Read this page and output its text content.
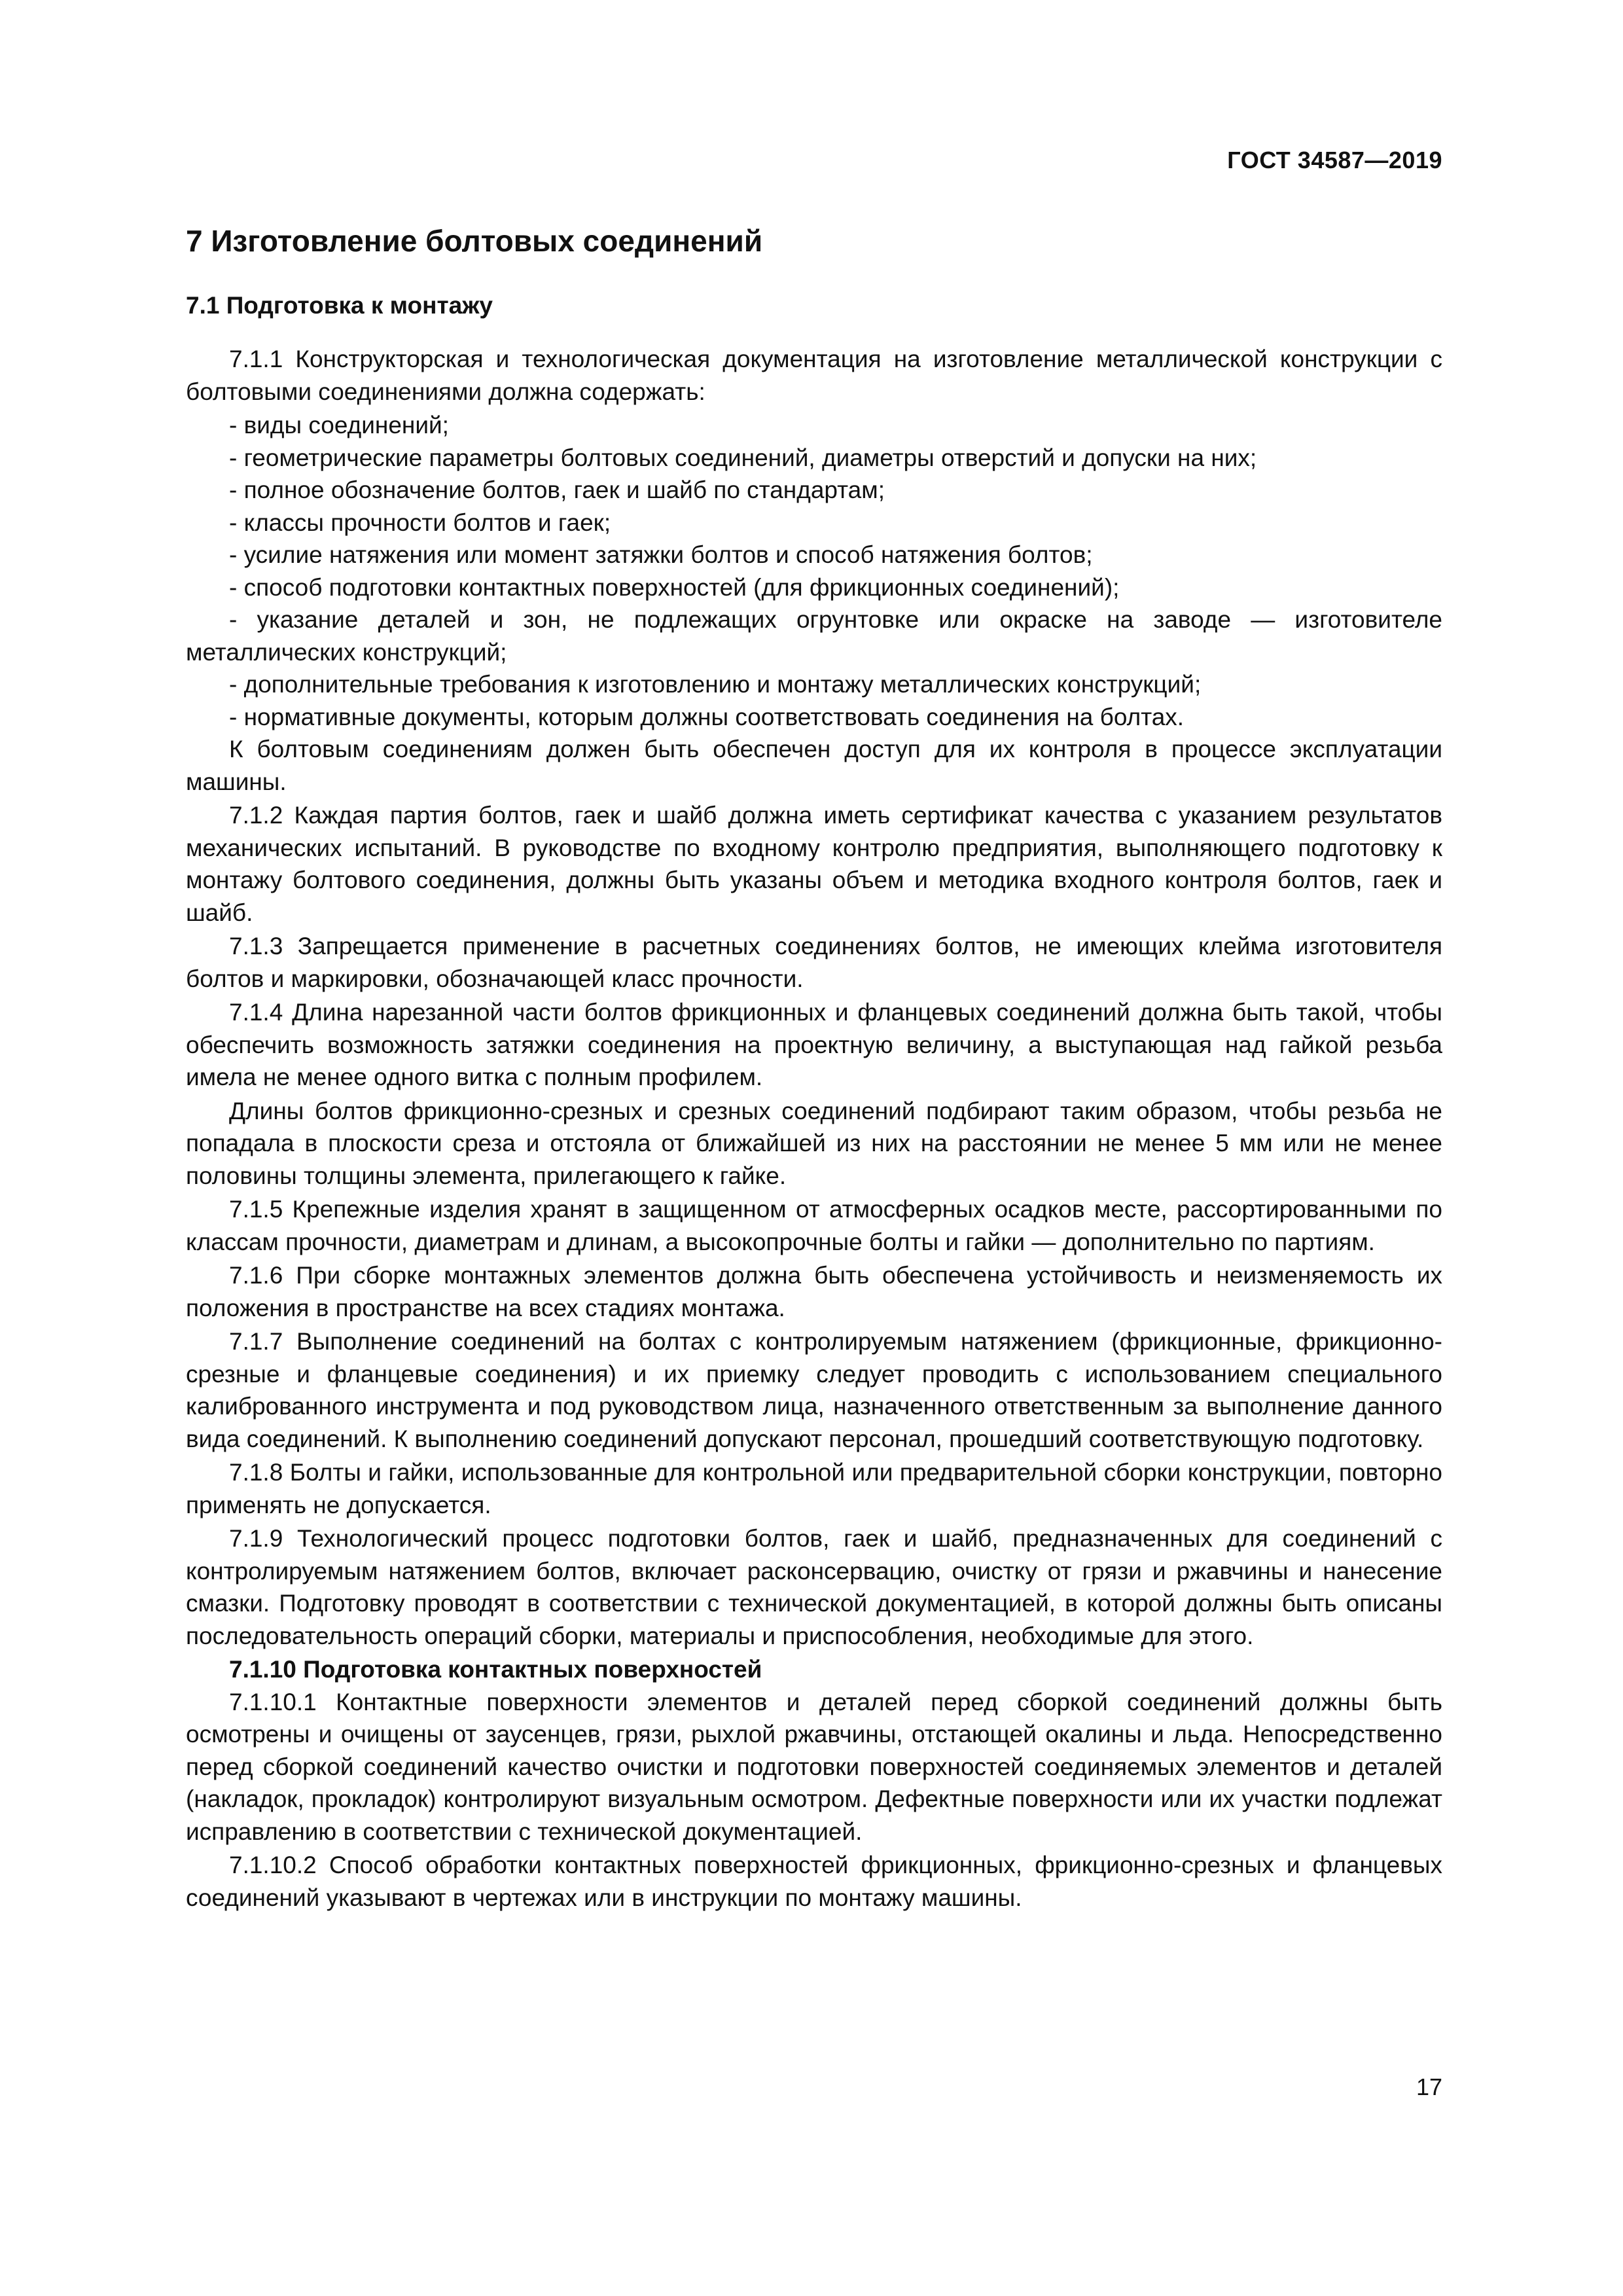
ГОСТ 34587—2019
7 Изготовление болтовых соединений
7.1 Подготовка к монтажу

7.1.1 Конструкторская и технологическая документация на изготовление металлической конструкции с болтовыми соединениями должна содержать:

- виды соединений;

- геометрические параметры болтовых соединений, диаметры отверстий и допуски на них;

- полное обозначение болтов, гаек и шайб по стандартам;

- классы прочности болтов и гаек;

- усилие натяжения или момент затяжки болтов и способ натяжения болтов;

- способ подготовки контактных поверхностей (для фрикционных соединений);

- указание деталей и зон, не подлежащих огрунтовке или окраске на заводе — изготовителе металлических конструкций;

- дополнительные требования к изготовлению и монтажу металлических конструкций;

- нормативные документы, которым должны соответствовать соединения на болтах.

К болтовым соединениям должен быть обеспечен доступ для их контроля в процессе эксплуатации машины.

7.1.2 Каждая партия болтов, гаек и шайб должна иметь сертификат качества с указанием результатов механических испытаний. В руководстве по входному контролю предприятия, выполняющего подготовку к монтажу болтового соединения, должны быть указаны объем и методика входного контроля болтов, гаек и шайб.

7.1.3 Запрещается применение в расчетных соединениях болтов, не имеющих клейма изготовителя болтов и маркировки, обозначающей класс прочности.

7.1.4 Длина нарезанной части болтов фрикционных и фланцевых соединений должна быть такой, чтобы обеспечить возможность затяжки соединения на проектную величину, а выступающая над гайкой резьба имела не менее одного витка с полным профилем.

Длины болтов фрикционно-срезных и срезных соединений подбирают таким образом, чтобы резьба не попадала в плоскости среза и отстояла от ближайшей из них на расстоянии не менее 5 мм или не менее половины толщины элемента, прилегающего к гайке.

7.1.5 Крепежные изделия хранят в защищенном от атмосферных осадков месте, рассортированными по классам прочности, диаметрам и длинам, а высокопрочные болты и гайки — дополнительно по партиям.

7.1.6 При сборке монтажных элементов должна быть обеспечена устойчивость и неизменяемость их положения в пространстве на всех стадиях монтажа.

7.1.7 Выполнение соединений на болтах с контролируемым натяжением (фрикционные, фрикционно-срезные и фланцевые соединения) и их приемку следует проводить с использованием специального калиброванного инструмента и под руководством лица, назначенного ответственным за выполнение данного вида соединений. К выполнению соединений допускают персонал, прошедший соответствующую подготовку.

7.1.8 Болты и гайки, использованные для контрольной или предварительной сборки конструкции, повторно применять не допускается.

7.1.9 Технологический процесс подготовки болтов, гаек и шайб, предназначенных для соединений с контролируемым натяжением болтов, включает расконсервацию, очистку от грязи и ржавчины и нанесение смазки. Подготовку проводят в соответствии с технической документацией, в которой должны быть описаны последовательность операций сборки, материалы и приспособления, необходимые для этого.

7.1.10 Подготовка контактных поверхностей

7.1.10.1 Контактные поверхности элементов и деталей перед сборкой соединений должны быть осмотрены и очищены от заусенцев, грязи, рыхлой ржавчины, отстающей окалины и льда. Непосредственно перед сборкой соединений качество очистки и подготовки поверхностей соединяемых элементов и деталей (накладок, прокладок) контролируют визуальным осмотром. Дефектные поверхности или их участки подлежат исправлению в соответствии с технической документацией.

7.1.10.2 Способ обработки контактных поверхностей фрикционных, фрикционно-срезных и фланцевых соединений указывают в чертежах или в инструкции по монтажу машины.

17
